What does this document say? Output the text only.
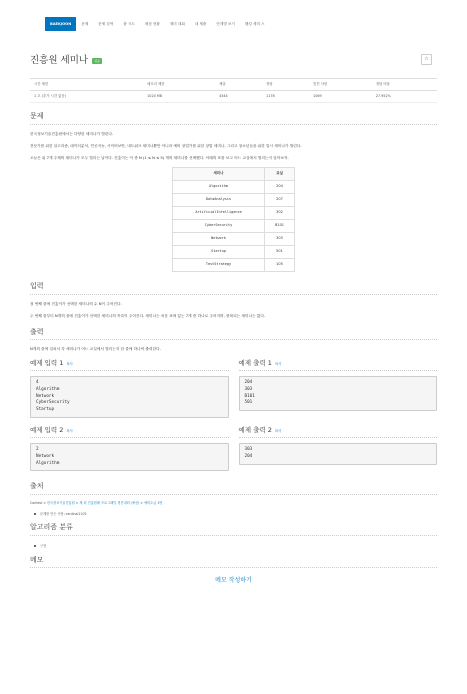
BAEKJOON	문제	문제 검색	출 시도	채점 현황	재미 대회	내 제출	단계별 보기	랭킹 세미 스
진흥원 세미나	성공	☆
시간 제한	메모리 제한	제출	정답	맞힌 사람	정답 비율
1 초 (추가 시간 없음)	1024 MB	4344	1178	1069	27.952%
문제
한국정보기술진흥원에서는 다양한 세미나가 열린다.
전문가를 위한 알고리즘, 데이터분석, 인공지능, 사이버보안, 네트워크 세미나뿐만 아니라 예비 창업가를 위한 창업 세미나, 그리고 청소년들을 위한 입시 세미나가 열린다.
오늘은 위 7개 주제의 세미나가 모두 열리는 날이다. 진흥이는 이 중 N (1 ≤ N ≤ 5) 개의 세미나를 선택했다. 아래의 표를 보고 어느 교실에서 열리는지 알아보자.
세미나	교실
Algorithm	204
DataAnalysis	207
ArtificialIntelligence	302
CyberSecurity	B101
Network	303
Startup	501
TestStrategy	105
입력
첫 번째 줄에 진흥이가 선택한 세미나의 수 N이 주어진다.
두 번째 줄부터 N개의 줄에 진흥이가 선택한 세미나의 목록이 주어진다. 세미나는 처음 표에 있는 7개 중 하나로 주어지며, 중복되는 세미나는 없다.
출력
N개의 줄에 걸쳐서 각 세미나가 어느 교실에서 열리는지 한 줄에 하나씩 출력한다.
예제 입력 1 복사
4
Algorithm
Network
CyberSecurity
Startup
예제 출력 1 복사
204
303
B101
501
예제 입력 2 복사
2
Network
Algorithm
예제 출력 2 복사
303
204
출처
Contest > 한국정보기술진흥원 > 제 회 진흥원배 프로그래밍 경진대회 (예선) > 예비초급 1번
문제를 만든 사람: cardinal1105
알고리즘 분류
구현
메모
메모 작성하기
